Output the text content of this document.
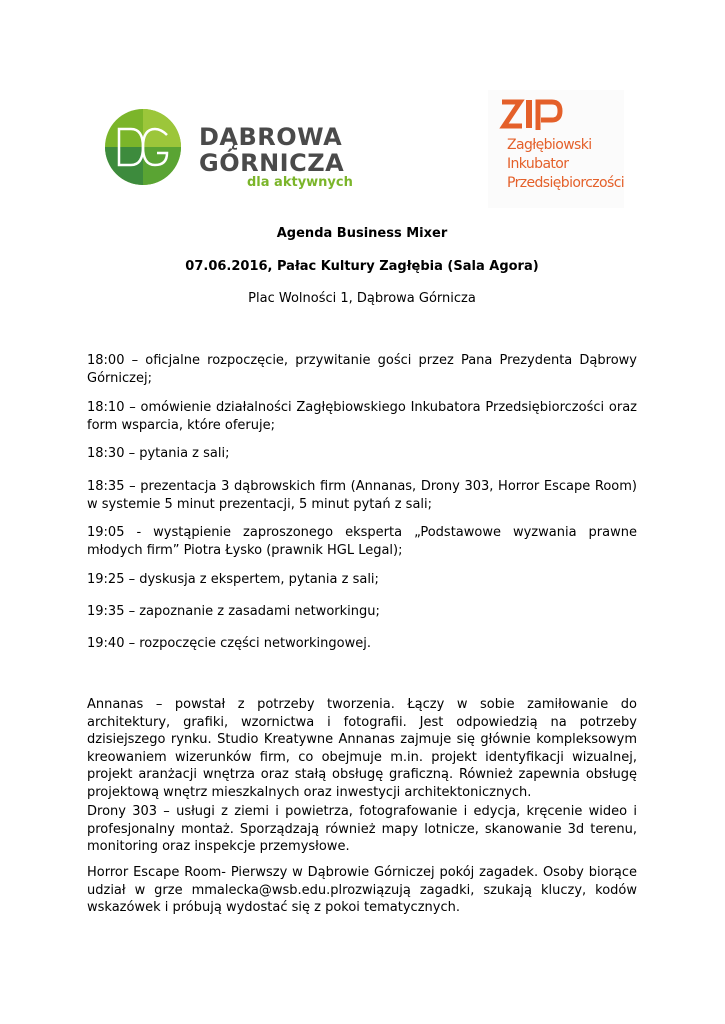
DĄBROWA
GÓRNICZA
dla aktywnych
Zagłębiowski
Inkubator
Przedsiębiorczości
Agenda Business Mixer
07.06.2016, Pałac Kultury Zagłębia (Sala Agora)
Plac Wolności 1, Dąbrowa Górnicza
18:00 – oficjalne rozpoczęcie, przywitanie gości przez Pana Prezydenta Dąbrowy Górniczej;
18:10 – omówienie działalności Zagłębiowskiego Inkubatora Przedsiębiorczości oraz form wsparcia, które oferuje;
18:30 – pytania z sali;
18:35 – prezentacja 3 dąbrowskich firm (Annanas, Drony 303, Horror Escape Room) w systemie 5 minut prezentacji, 5 minut pytań z sali;
19:05 - wystąpienie zaproszonego eksperta „Podstawowe wyzwania prawne młodych firm” Piotra Łysko (prawnik HGL Legal);
19:25 – dyskusja z ekspertem, pytania z sali;
19:35 – zapoznanie z zasadami networkingu;
19:40 – rozpoczęcie części networkingowej.
Annanas – powstał z potrzeby tworzenia. Łączy w sobie zamiłowanie do architektury, grafiki, wzornictwa i fotografii. Jest odpowiedzią na potrzeby dzisiejszego rynku. Studio Kreatywne Annanas zajmuje się głównie kompleksowym kreowaniem wizerunków firm, co obejmuje m.in. projekt identyfikacji wizualnej, projekt aranżacji wnętrza oraz stałą obsługę graficzną. Również zapewnia obsługę projektową wnętrz mieszkalnych oraz inwestycji architektonicznych.
Drony 303 – usługi z ziemi i powietrza, fotografowanie i edycja, kręcenie wideo i profesjonalny montaż. Sporządzają również mapy lotnicze, skanowanie 3d terenu, monitoring oraz inspekcje przemysłowe.
Horror Escape Room- Pierwszy w Dąbrowie Górniczej pokój zagadek. Osoby biorące udział w grze mmalecka@wsb.edu.plrozwiązują zagadki, szukają kluczy, kodów wskazówek i próbują wydostać się z pokoi tematycznych.
